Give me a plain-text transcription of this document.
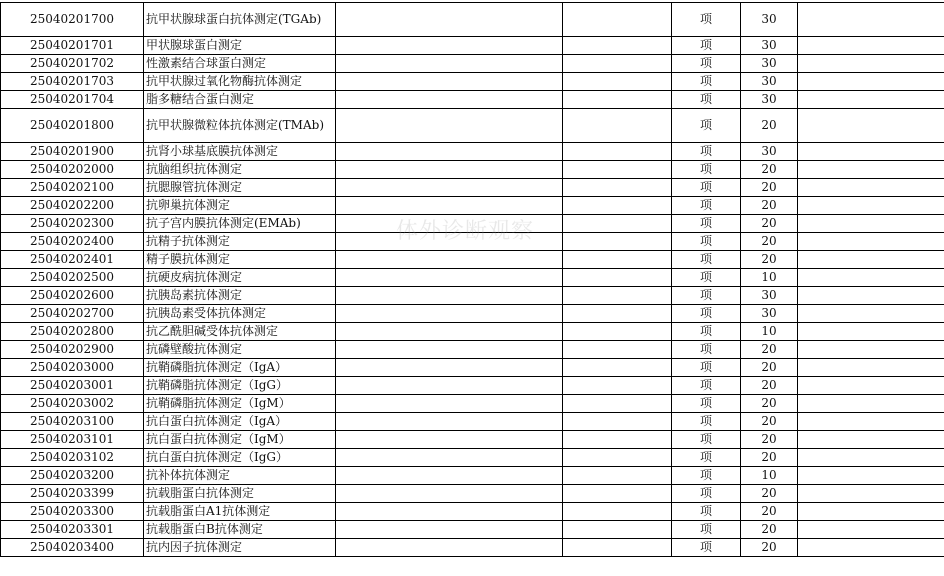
25040201700	抗甲状腺球蛋白抗体测定(TGAb)			项	30	
25040201701	甲状腺球蛋白测定			项	30	
25040201702	性激素结合球蛋白测定			项	30	
25040201703	抗甲状腺过氧化物酶抗体测定			项	30	
25040201704	脂多糖结合蛋白测定			项	30	
25040201800	抗甲状腺微粒体抗体测定(TMAb)			项	20	
25040201900	抗肾小球基底膜抗体测定			项	30	
25040202000	抗脑组织抗体测定			项	20	
25040202100	抗腮腺管抗体测定			项	20	
25040202200	抗卵巢抗体测定			项	20	
25040202300	抗子宫内膜抗体测定(EMAb)			项	20	
25040202400	抗精子抗体测定			项	20	
25040202401	精子膜抗体测定			项	20	
25040202500	抗硬皮病抗体测定			项	10	
25040202600	抗胰岛素抗体测定			项	30	
25040202700	抗胰岛素受体抗体测定			项	30	
25040202800	抗乙酰胆碱受体抗体测定			项	10	
25040202900	抗磷壁酸抗体测定			项	20	
25040203000	抗鞘磷脂抗体测定（IgA）			项	20	
25040203001	抗鞘磷脂抗体测定（IgG）			项	20	
25040203002	抗鞘磷脂抗体测定（IgM）			项	20	
25040203100	抗白蛋白抗体测定（IgA）			项	20	
25040203101	抗白蛋白抗体测定（IgM）			项	20	
25040203102	抗白蛋白抗体测定（IgG）			项	20	
25040203200	抗补体抗体测定			项	10	
25040203399	抗载脂蛋白抗体测定			项	20	
25040203300	抗载脂蛋白A1抗体测定			项	20	
25040203301	抗载脂蛋白B抗体测定			项	20	
25040203400	抗内因子抗体测定			项	20	
体外诊断观察
